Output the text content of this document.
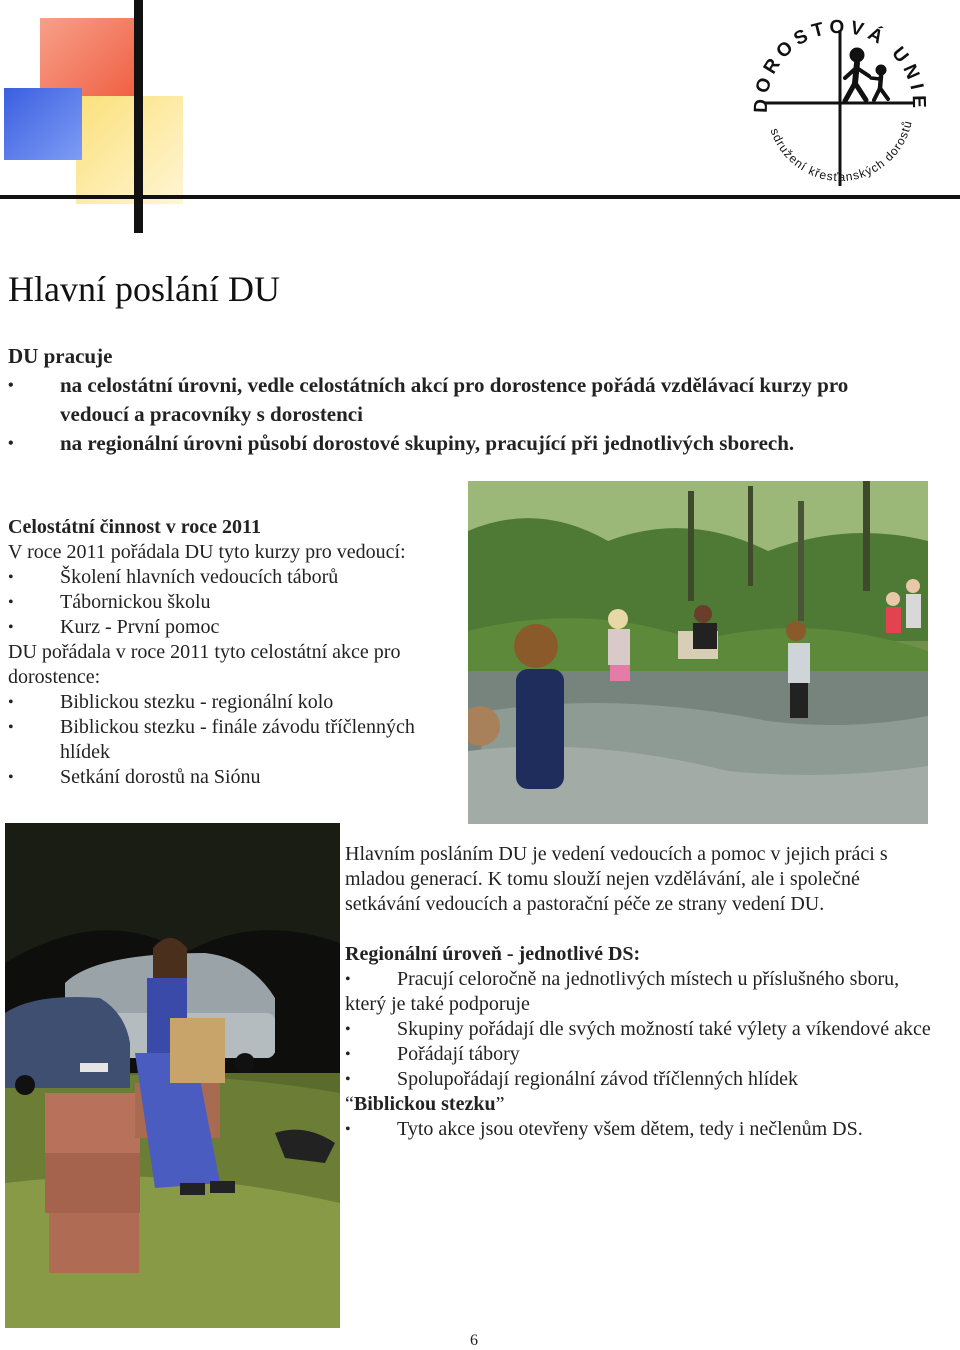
DOROSTOVÁ UNIE
sdružení křesťanských dorostů
Hlavní poslání DU
DU pracuje
• na celostátní úrovni, vedle celostátních akcí pro dorostence pořádá vzdělávací kurzy pro vedoucí a pracovníky s dorostenci
• na regionální úrovni působí dorostové skupiny, pracující při jednotlivých sborech.
Celostátní činnost v roce 2011
V roce 2011 pořádala DU tyto kurzy pro vedoucí:
• Školení hlavních vedoucích táborů
• Tábornickou školu
• Kurz - První pomoc
DU pořádala v roce 2011 tyto celostátní akce pro dorostence:
• Biblickou stezku - regionální kolo
• Biblickou stezku - finále závodu tříčlenných hlídek
• Setkání dorostů na Siónu
Hlavním posláním DU je vedení vedoucích a pomoc v jejich práci s mladou generací. K tomu slouží nejen vzdělávání, ale i společné setkávání vedoucích a pastorační péče ze strany vedení DU.
Regionální úroveň - jednotlivé DS:
• Pracují celoročně na jednotlivých místech u příslušného sboru, který je také podporuje
• Skupiny pořádají dle svých možností také výlety a víkendové akce
• Pořádají tábory
• Spolupořádají regionální závod tříčlenných hlídek “Biblickou stezku”
• Tyto akce jsou otevřeny všem dětem, tedy i nečlenům DS.
6
